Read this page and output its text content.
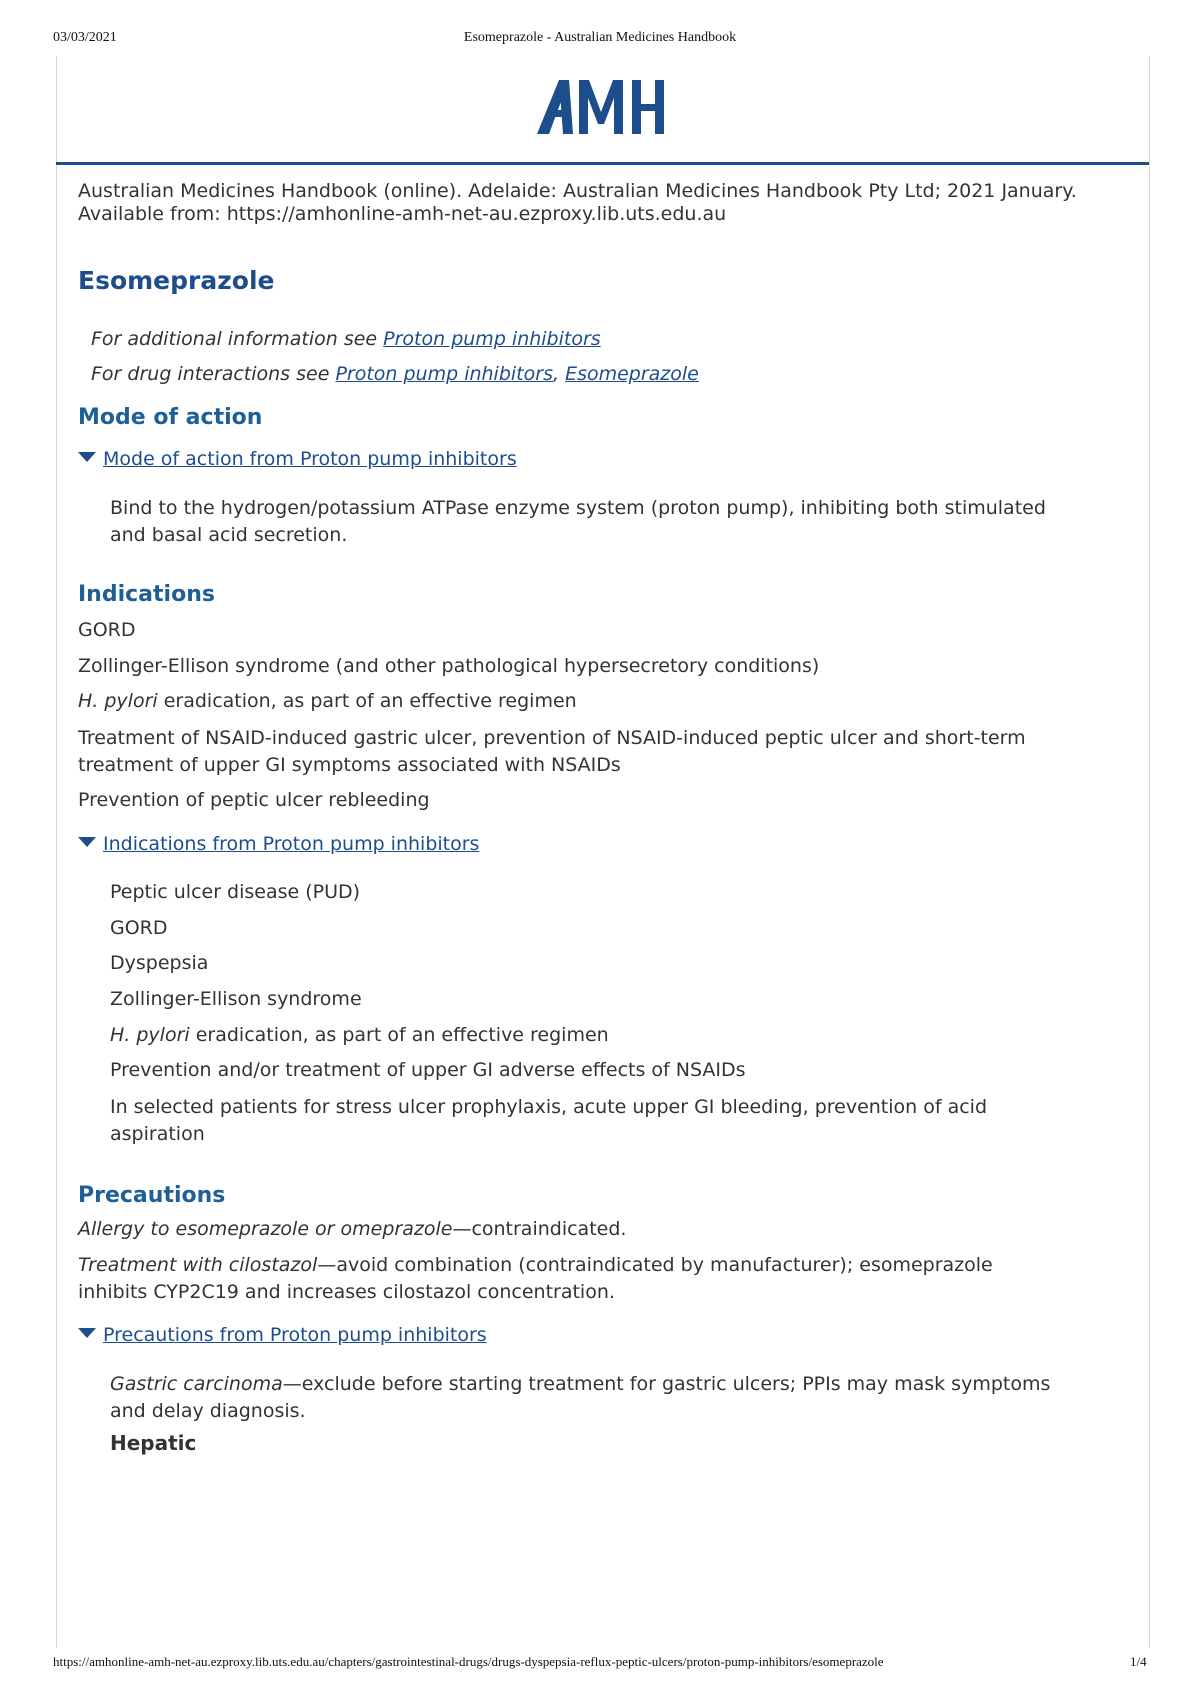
03/03/2021	Esomeprazole - Australian Medicines Handbook
AMH

Australian Medicines Handbook (online). Adelaide: Australian Medicines Handbook Pty Ltd; 2021 January. Available from: https://amhonline-amh-net-au.ezproxy.lib.uts.edu.au

Esomeprazole
For additional information see Proton pump inhibitors
For drug interactions see Proton pump inhibitors, Esomeprazole
Mode of action
Mode of action from Proton pump inhibitors

Bind to the hydrogen/potassium ATPase enzyme system (proton pump), inhibiting both stimulated
and basal acid secretion.

Indications

GORD

Zollinger-Ellison syndrome (and other pathological hypersecretory conditions)

H. pylori eradication, as part of an effective regimen

Treatment of NSAID-induced gastric ulcer, prevention of NSAID-induced peptic ulcer and short-term
treatment of upper GI symptoms associated with NSAIDs

Prevention of peptic ulcer rebleeding

Indications from Proton pump inhibitors

Peptic ulcer disease (PUD)

GORD

Dyspepsia

Zollinger-Ellison syndrome

H. pylori eradication, as part of an effective regimen

Prevention and/or treatment of upper GI adverse effects of NSAIDs

In selected patients for stress ulcer prophylaxis, acute upper GI bleeding, prevention of acid
aspiration

Precautions

Allergy to esomeprazole or omeprazole—contraindicated.

Treatment with cilostazol—avoid combination (contraindicated by manufacturer); esomeprazole
inhibits CYP2C19 and increases cilostazol concentration.

Precautions from Proton pump inhibitors

Gastric carcinoma—exclude before starting treatment for gastric ulcers; PPIs may mask symptoms
and delay diagnosis.

Hepatic
https://amhonline-amh-net-au.ezproxy.lib.uts.edu.au/chapters/gastrointestinal-drugs/drugs-dyspepsia-reflux-peptic-ulcers/proton-pump-inhibitors/esomeprazole	1/4
